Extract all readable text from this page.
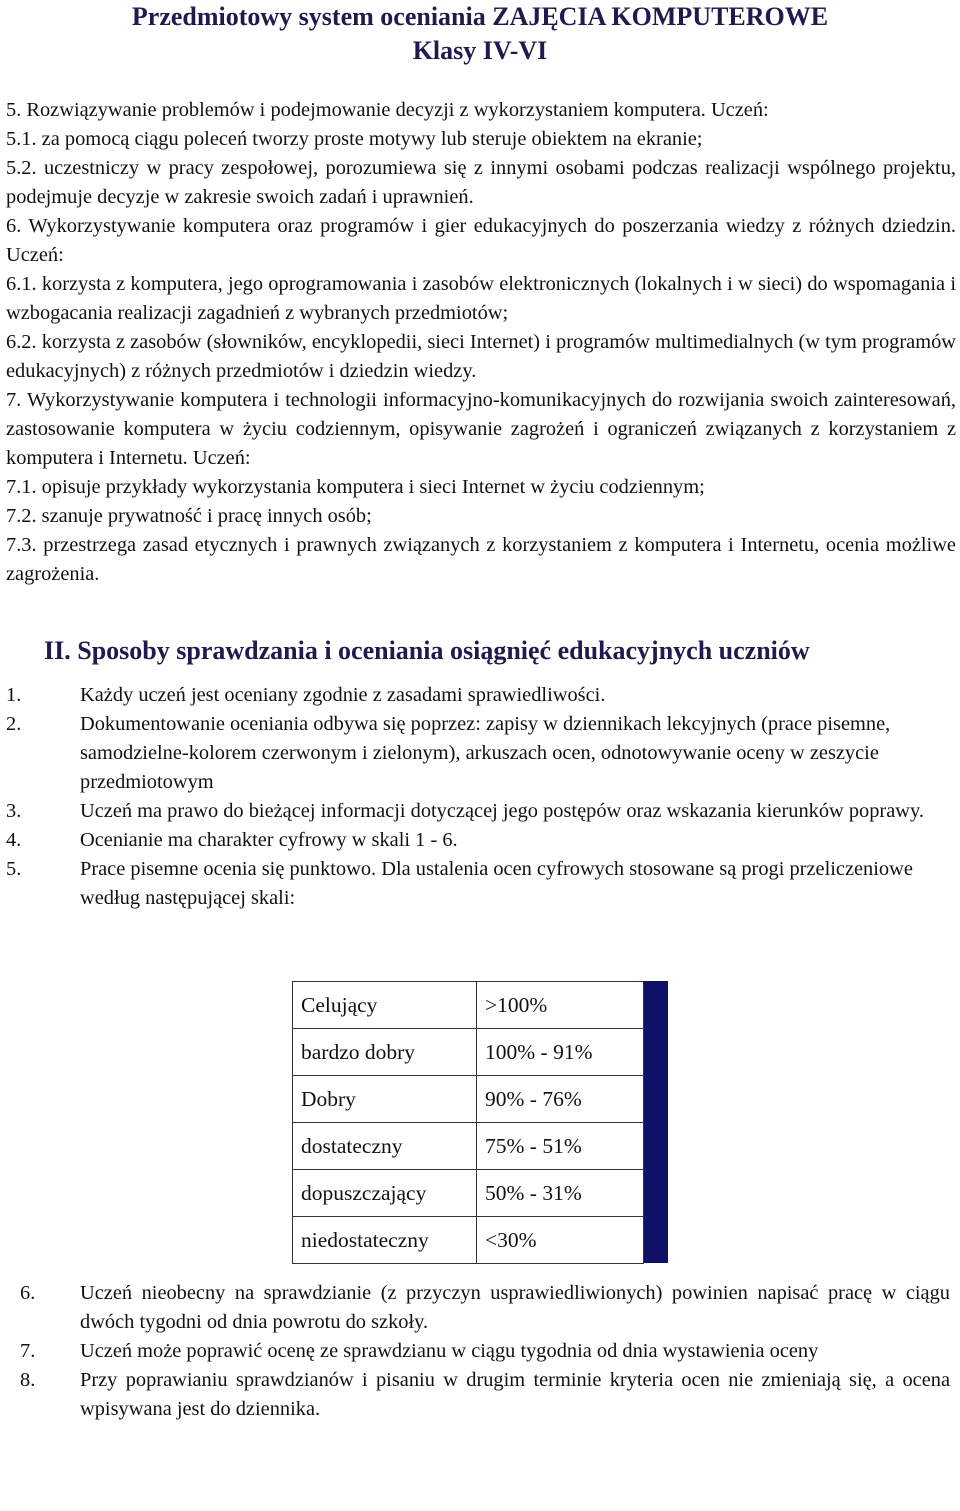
Przedmiotowy system oceniania ZAJĘCIA KOMPUTEROWE
Klasy IV-VI

5. Rozwiązywanie problemów i podejmowanie decyzji z wykorzystaniem komputera. Uczeń:

5.1. za pomocą ciągu poleceń tworzy proste motywy lub steruje obiektem na ekranie;

5.2. uczestniczy w pracy zespołowej, porozumiewa się z innymi osobami podczas realizacji wspólnego projektu, podejmuje decyzje w zakresie swoich zadań i uprawnień.

6. Wykorzystywanie komputera oraz programów i gier edukacyjnych do poszerzania wiedzy z różnych dziedzin. Uczeń:

6.1. korzysta z komputera, jego oprogramowania i zasobów elektronicznych (lokalnych i w sieci) do wspomagania i wzbogacania realizacji zagadnień z wybranych przedmiotów;

6.2. korzysta z zasobów (słowników, encyklopedii, sieci Internet) i programów multimedialnych (w tym programów edukacyjnych) z różnych przedmiotów i dziedzin wiedzy.

7. Wykorzystywanie komputera i technologii informacyjno-komunikacyjnych do rozwijania swoich zainteresowań, zastosowanie komputera w życiu codziennym, opisywanie zagrożeń i ograniczeń związanych z korzystaniem z komputera i Internetu. Uczeń:

7.1. opisuje przykłady wykorzystania komputera i sieci Internet w życiu codziennym;

7.2. szanuje prywatność i pracę innych osób;

7.3. przestrzega zasad etycznych i prawnych związanych z korzystaniem z komputera i Internetu, ocenia możliwe zagrożenia.

II. Sposoby sprawdzania i oceniania osiągnięć edukacyjnych uczniów
1.	Każdy uczeń jest oceniany zgodnie z zasadami sprawiedliwości.
2.	Dokumentowanie oceniania odbywa się poprzez: zapisy w dziennikach lekcyjnych (prace pisemne, samodzielne-kolorem czerwonym i zielonym), arkuszach ocen, odnotowywanie oceny w zeszycie przedmiotowym
3.	Uczeń ma prawo do bieżącej informacji dotyczącej jego postępów oraz wskazania kierunków poprawy.
4.	Ocenianie ma charakter cyfrowy w skali 1 - 6.
5.	Prace pisemne ocenia się punktowo. Dla ustalenia ocen cyfrowych stosowane są progi przeliczeniowe według następującej skali:
Celujący	>100%
bardzo dobry	100% - 91%
Dobry	90% - 76%
dostateczny	75% - 51%
dopuszczający	50% - 31%
niedostateczny	<30%
6. Uczeń nieobecny na sprawdzianie (z przyczyn usprawiedliwionych) powinien napisać pracę w ciągu dwóch tygodni od dnia powrotu do szkoły.
7. Uczeń może poprawić ocenę ze sprawdzianu w ciągu tygodnia od dnia wystawienia oceny
8. Przy poprawianiu sprawdzianów i pisaniu w drugim terminie kryteria ocen nie zmieniają się, a ocena wpisywana jest do dziennika.
